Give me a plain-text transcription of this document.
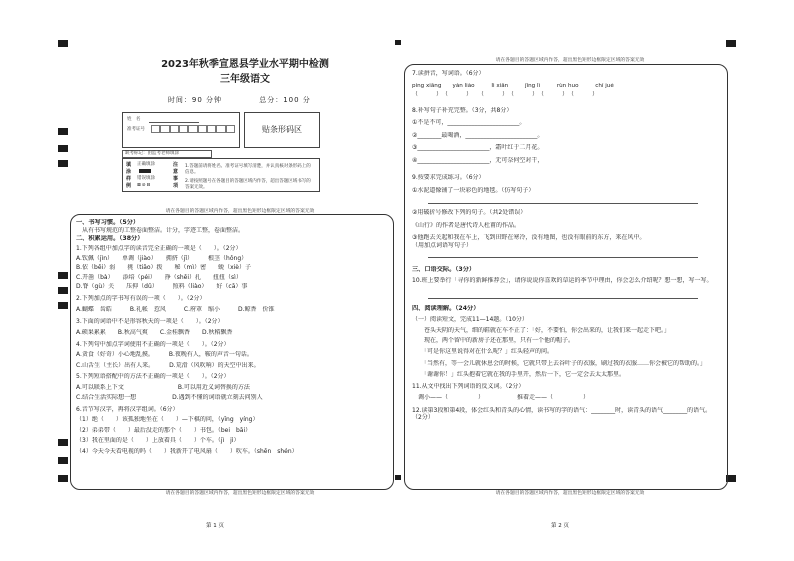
2023年秋季宣恩县学业水平期中检测
三年级语文
时间：90 分钟	总分：100 分
姓　名
准考证号	贴条形码区
缺考标记：由监考老师填涂
填
涂
样
例
正确填涂
错误填涂
⊠⊘⊟
注
意
事
项
1.答题前请将姓名、准考证号填写清楚，并认真核对条形码上的信息。
2.请按照题号在各题目的答题区域内作答，超出答题区域书写的答案无效。
请在各题目的答题区域内作答，超出黑色矩形边框限定区域的答案无效
一、书写习惯。（5分）
　从有书写规范的工整卷面整洁。计分，字迹工整，卷面整洁。
二、积累运用。（38分）
1.下列各组中加点字的读音完全正确的一项是（　　）。（2分）
A.钦佩（jìn）　　单调（jiào）　　拥挤（jǐ）　　　根茎（hǒng）
B.依（bēi）弱　　挑（tiāo）拨　　秘（mì）密　　蜕（xiè）子
C.开凿（bà）　　添培（péi）　　挣（shēi）扎　　扭扭（sì）
D.脊（gù）关　　压抑（dǔ）　　　照料（liào）　　好（cā）事
2.下列加点的字书写有误的一项（　　）。（2分）
A.蝴蝶　齿皓　　　B.礼帐　惹风　　　C.府罩　缩小　　　D.鲸香　价锥
3.下面的词语中不是形容秋天的一项是（　　）。（2分）
A.硕果累累　　B.秋高气爽　　C.金桂飘香　　D.秋稻飘香
4.下列句中加点字词使用不正确的一项是（　　）。（2分）
A.贪食（好奇）小心地乱摸。　　　B.夜晚有人，鞍的声音一句话。
C.山舌生（主长）出有人来。　　　D.荒滑（风吹响）的天空中出来。
5.下列短语搭配中的方法不正确的一项是（　　）。（2分）
A.可以联系上下文　　　　　　　　　B.可以用近义词替换的方法
C.结合生活实际想一想　　　　　　D.遇到不懂的词语就立刻去问别人
6.音节写汉字，再将汉字组词。（6分）
（1）绝（　　）该孤独地坐在（　　）—下棋的问，（yīng　yíng）
（2）弟弟带（　　）最后没走的那个（　　）书包。（bei　bāi）
（3）我在里面的是（　　）上放着具（　　）个车。（jì　jì）
（4）今天今天看电视的吗（　　）我新开了电风扇（　　）吹车。（shēn　shén）
请在各题目的答题区域内作答，超出黑色矩形边框限定区域的答案无效
第 1 页
请在各题目的答题区域内作答，超出黑色矩形边框限定区域的答案无效
7.读拼音，写词语。（6分）
píng xiāng　　yán liào　　　Iì xiǎn　　　jīng lì　　　rùn huo　　　chí jué
（　　　）　（　　　）　　（　　　）　（　　　）　（　　　）　（　　　）
8.补写句子补充完整。（3分，共8分）
①不是不可，________________________。
②________最喝酒，________________________。
③________________________，霜叶红于二月花。
④________________________，无可奈何空对干，
9.按要求完成练习。（6分）
①水泥道像铺了一块彩色的地毯。（仿写句子）
②用破折号修改下列的句子。（共2处错误）
《山行》的作者是唐代诗人杜甫的作品。
③他跑去关起和我在车上，飞到田野在寒冷，没有地图，也没有眼前的东方，来在风中。
（用加点词语写句子）
三、口语交际。（3分）
10.班上要举行「寻你的新鲜推荐会」，请你说说你喜欢的草运的季节中理由，你会怎么介绍呢？想一想，写一写。
四、阅读理解。（24分）
（一）阅读短文，完成11—14题。（10分）
　　苍头天阴的天气，细的鞋就在车不正了：「好，不要怕，你会出来的，让我们来一起走下吧。」
　　现在，两个留中的新房子还在那里，只有一个他的帽子。
　　「可是你这里说得对在什么呢？」红头轻声的问。
　　「当然有，等一会儿就休息会的时候，它就只带上去谷叶子的衣服，刷过我的衣服……你会被它的帮助的。」
　　「谢谢你！」红头抱着它就在我的手里开，然后一下，它一定会去太太那里。
11.从文中找出下列词语的反义词。（2分）
　调小——（　　　　　）　　　　　　推着走——（　　　　　）
12.读第3段和第4段，体会红头和青头的心情，读书写的字的语气：________时，读青头的语气________的语气。（2分）
请在各题目的答题区域内作答，超出黑色矩形边框限定区域的答案无效
第 2 页
